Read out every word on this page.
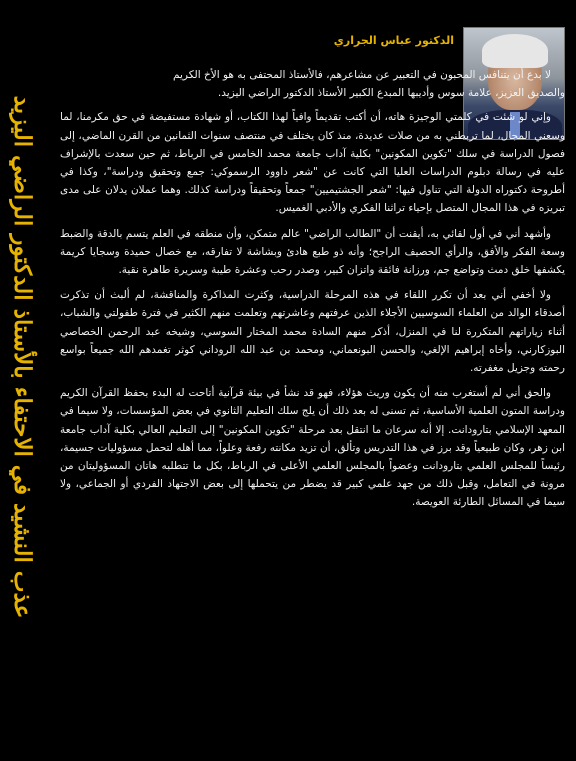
الدكتور عباس الجراري
عذب النشيد في الاحتفاء بالأستاذ الدكتور الراضي اليزيد

لا بدع أن يتنافس المحبون في التعبير عن مشاعرهم، فالأستاذ المحتفى به هو الأخ الكريم والصديق العزيز، علامة سوس وأديبها المبدع الكبير الأستاذ الدكتور الراضي اليزيد.

وإني لو شئت في كلمتي الوجيزة هاته، أن أكتب تقديماً وافياً لهذا الكتاب، أو شهادة مستفيضة في حق مكرمنا، لما وسعني المجال، لما تربطني به من صلات عديدة، منذ كان يختلف في منتصف سنوات الثمانين من القرن الماضي، إلى فصول الدراسة في سلك "تكوين المكونين" بكلية آداب جامعة محمد الخامس في الرباط، ثم حين سعدت بالإشراف عليه في رسالة دبلوم الدراسات العليا التي كانت عن "شعر داوود الرسموكي: جمع وتحقيق ودراسة"، وكذا في أطروحة دكتوراه الدولة التي تناول فيها: "شعر الجشتيميين" جمعاً وتحقيقاً ودراسة كذلك. وهما عملان يدلان على مدى تبريزه في هذا المجال المتصل بإحياء تراثنا الفكري والأدبي الغميس.

وأشهد أني في أول لقائي به، أيقنت أن "الطالب الراضي" عالم متمكن، وأن منطقه في العلم يتسم بالدقة والضبط وسعة الفكر والأفق، والرأي الحصيف الراجح؛ وأنه ذو طبع هادئ وبشاشة لا تفارقه، مع خصال حميدة وسجايا كريمة يكشفها خلق دمث وتواضع جم، ورزانة فائقة واتزان كبير، وصدر رحب وعشرة طيبة وسريرة طاهرة نقية.

ولا أخفي أني بعد أن تكرر اللقاء في هذه المرحلة الدراسية، وكثرت المذاكرة والمناقشة، لم ألبث أن تذكرت أصدقاء الوالد من العلماء السوسيين الأجلاء الذين عرفتهم وعاشرتهم وتعلمت منهم الكثير في فترة طفولتي والشباب، أثناء زياراتهم المتكررة لنا في المنزل، أذكر منهم السادة محمد المختار السوسي، وشيخه عبد الرحمن الخصاصي البوزكارني، وأخاه إبراهيم الإلغي، والحسن البونعماني، ومحمد بن عبد الله الروداني كوثر تغمدهم الله جميعاً بواسع رحمته وجزيل مغفرته.

والحق أني لم أستغرب منه أن يكون وريث هؤلاء، فهو قد نشأ في بيئة قرآنية أتاحت له البدء بحفظ القرآن الكريم ودراسة المتون العلمية الأساسية، ثم تسنى له بعد ذلك أن يلج سلك التعليم الثانوي في بعض المؤسسات، ولا سيما في المعهد الإسلامي بتارودانت. إلا أنه سرعان ما انتقل بعد مرحلة "تكوين المكونين" إلى التعليم العالي بكلية آداب جامعة ابن زهر، وكان طبيعياً وقد برز في هذا التدريس وتألق، أن تزيد مكانته رفعة وعلواً، مما أهله لتحمل مسؤوليات جسيمة، رئيساً للمجلس العلمي بتارودانت وعضواً بالمجلس العلمي الأعلى في الرباط، بكل ما تتطلبه هاتان المسؤوليتان من مرونة في التعامل، وقبل ذلك من جهد علمي كبير قد يضطر من يتحملها إلى بعض الاجتهاد الفردي أو الجماعي، ولا سيما في المسائل الطارئة العويصة.
